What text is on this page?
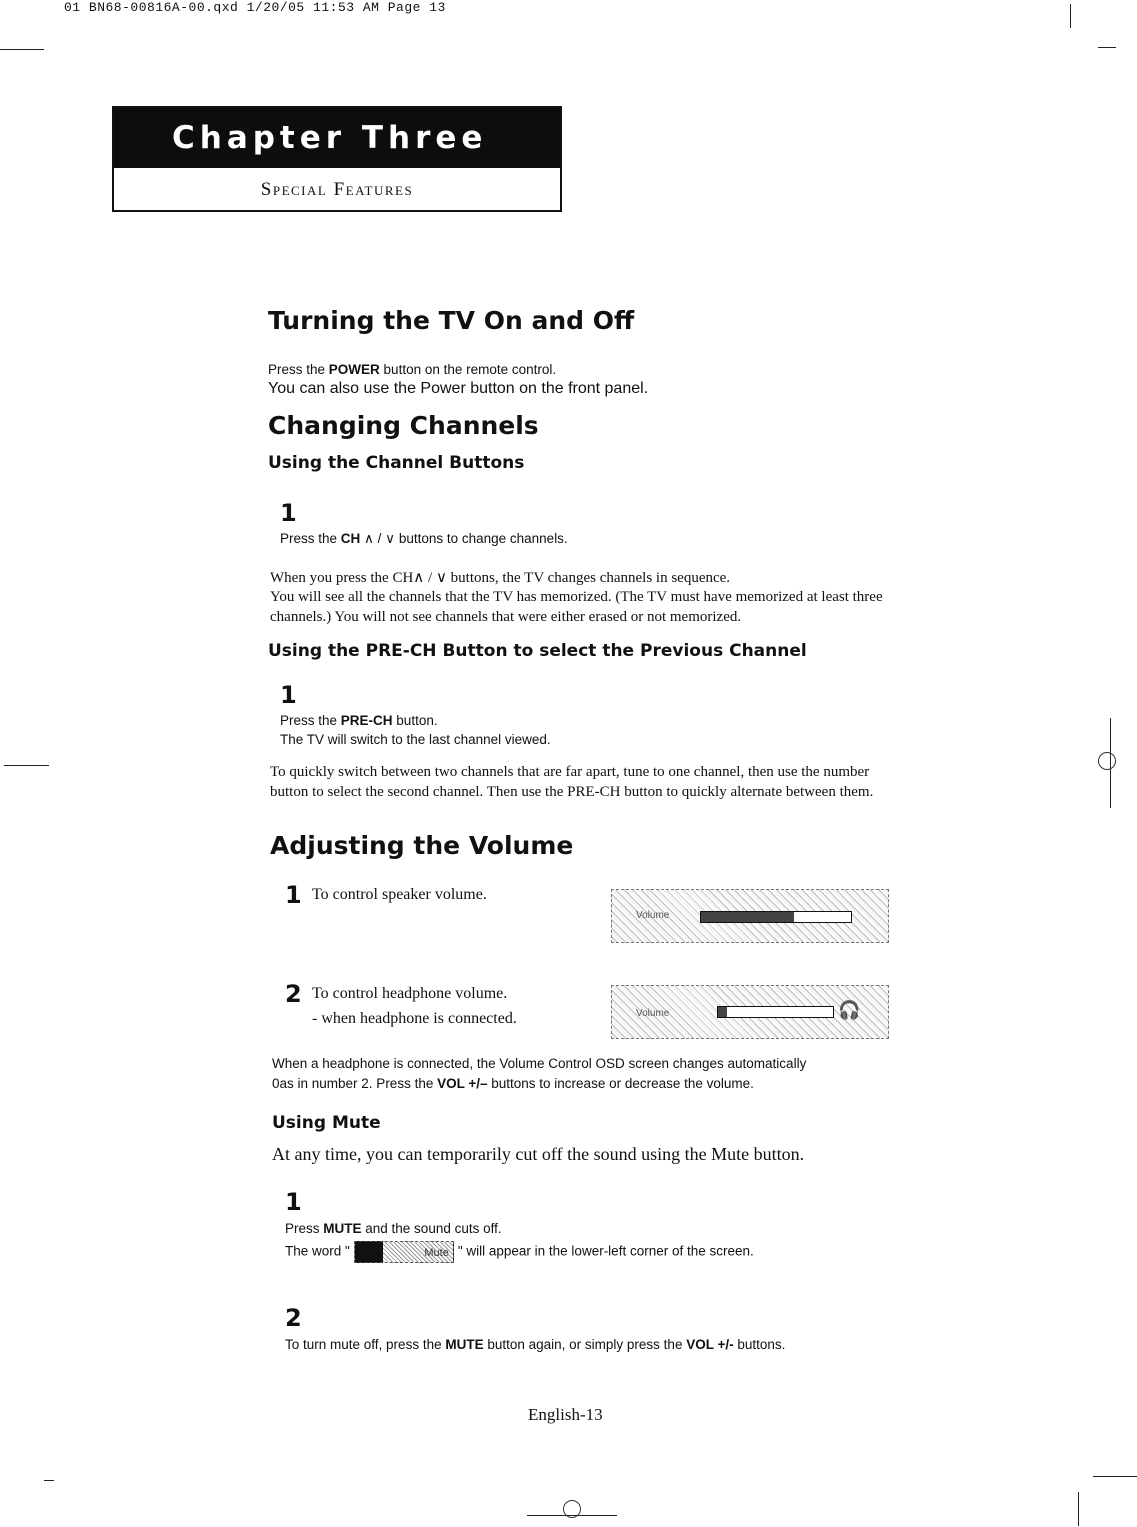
01 BN68-00816A-00.qxd 1/20/05 11:53 AM Page 13
Chapter Three
Special Features
Turning the TV On and Off
Press the POWER button on the remote control.
You can also use the Power button on the front panel.
Changing Channels
Using the Channel Buttons
1
Press the CH ∧ / ∨ buttons to change channels.
When you press the CH∧ / ∨ buttons, the TV changes channels in sequence.
You will see all the channels that the TV has memorized. (The TV must have memorized at least three channels.) You will not see channels that were either erased or not memorized.
Using the PRE-CH Button to select the Previous Channel
1
Press the PRE-CH button.
The TV will switch to the last channel viewed.
To quickly switch between two channels that are far apart, tune to one channel, then use the number button to select the second channel. Then use the PRE-CH button to quickly alternate between them.
Adjusting the Volume
1 To control speaker volume.
Volume
2 To control headphone volume.
- when headphone is connected.	Volume	🎧
When a headphone is connected, the Volume Control OSD screen changes automatically
0as in number 2. Press the VOL +/– buttons to increase or decrease the volume.
Using Mute
At any time, you can temporarily cut off the sound using the Mute button.
1
Press MUTE and the sound cuts off.
The word "	Mute " will appear in the lower-left corner of the screen.
2
To turn mute off, press the MUTE button again, or simply press the VOL +/- buttons.
English-13
